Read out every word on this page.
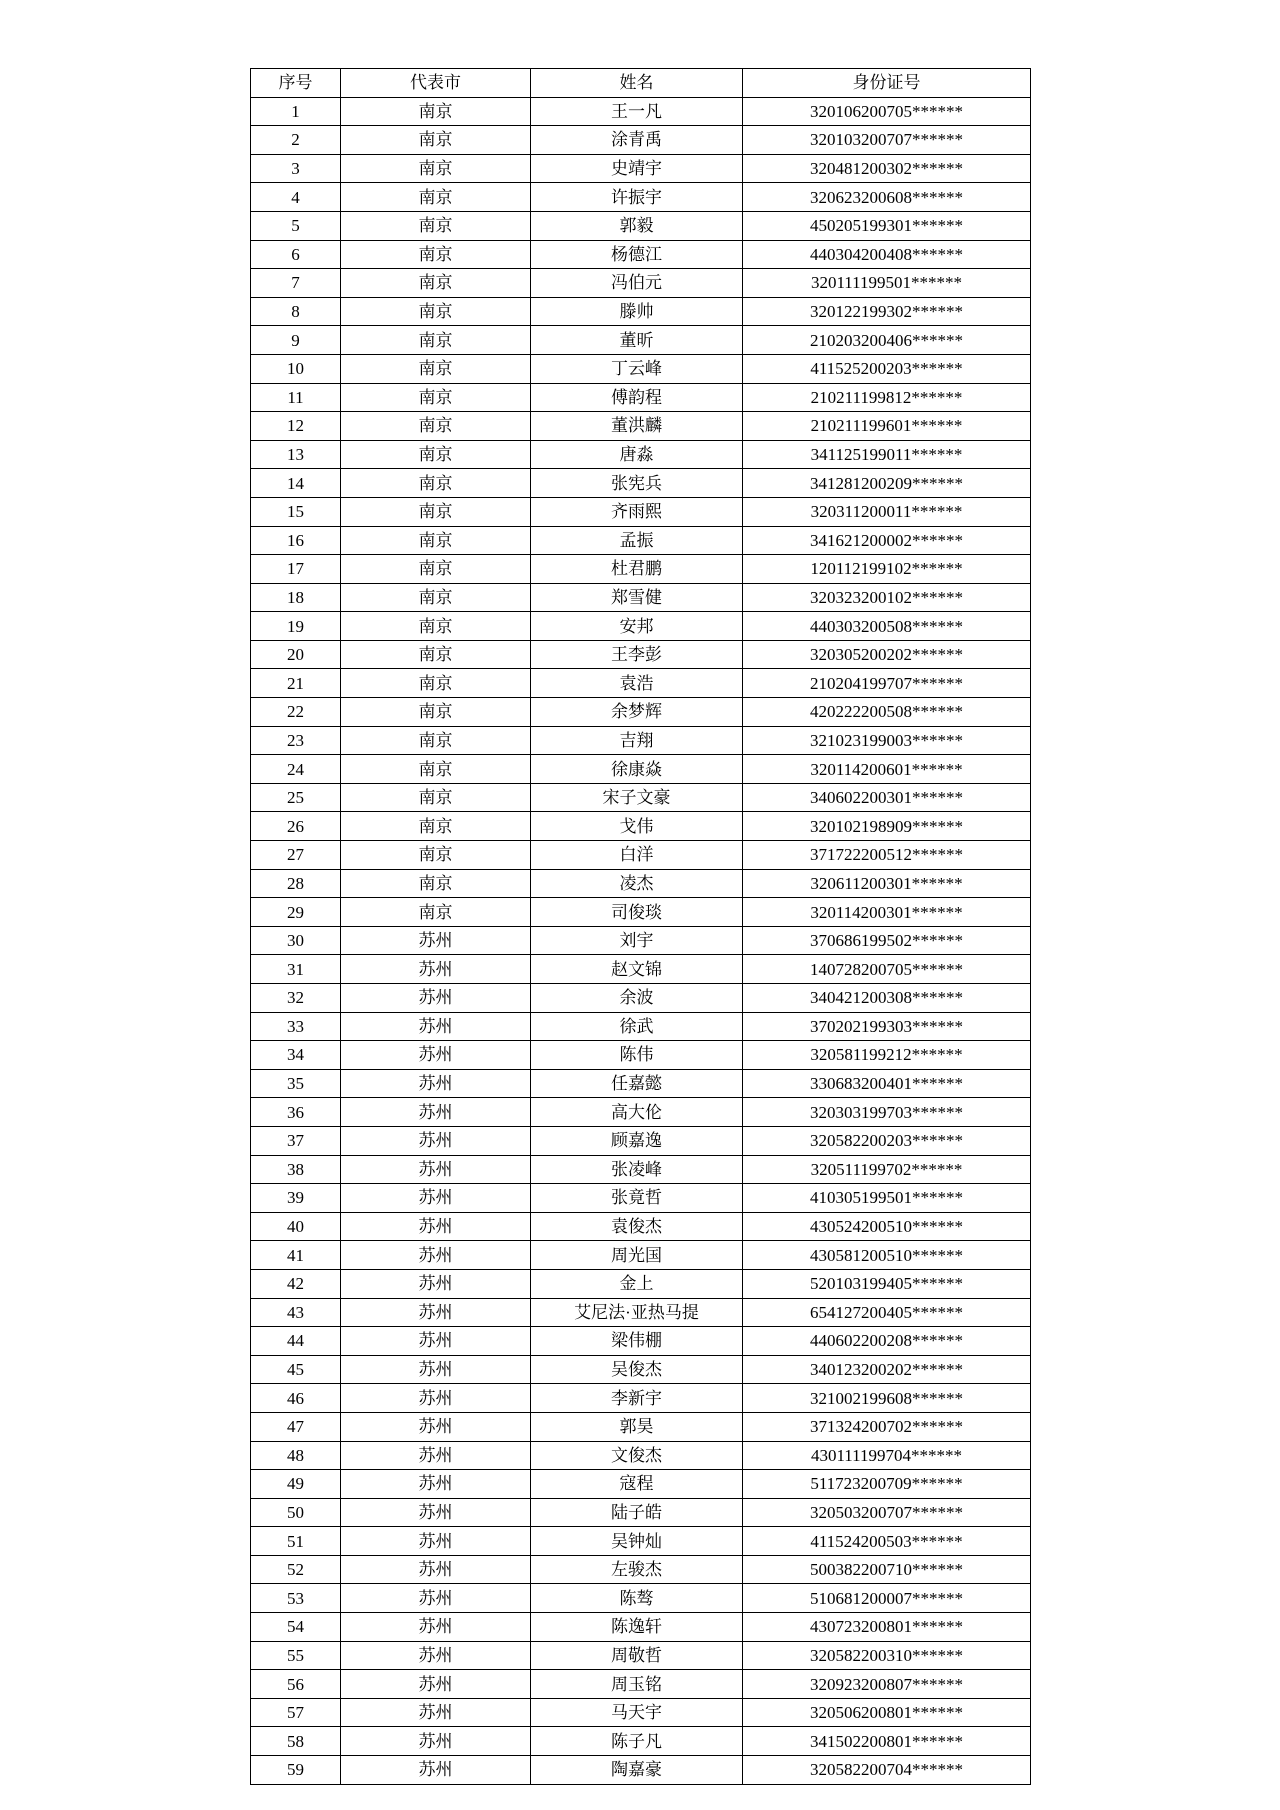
序号	代表市	姓名	身份证号
1	南京	王一凡	320106200705******
2	南京	涂青禹	320103200707******
3	南京	史靖宇	320481200302******
4	南京	许振宇	320623200608******
5	南京	郭毅	450205199301******
6	南京	杨德江	440304200408******
7	南京	冯伯元	320111199501******
8	南京	滕帅	320122199302******
9	南京	董昕	210203200406******
10	南京	丁云峰	411525200203******
11	南京	傅韵程	210211199812******
12	南京	董洪麟	210211199601******
13	南京	唐淼	341125199011******
14	南京	张宪兵	341281200209******
15	南京	齐雨熙	320311200011******
16	南京	孟振	341621200002******
17	南京	杜君鹏	120112199102******
18	南京	郑雪健	320323200102******
19	南京	安邦	440303200508******
20	南京	王李彭	320305200202******
21	南京	袁浩	210204199707******
22	南京	余梦辉	420222200508******
23	南京	吉翔	321023199003******
24	南京	徐康焱	320114200601******
25	南京	宋子文豪	340602200301******
26	南京	戈伟	320102198909******
27	南京	白洋	371722200512******
28	南京	凌杰	320611200301******
29	南京	司俊琰	320114200301******
30	苏州	刘宇	370686199502******
31	苏州	赵文锦	140728200705******
32	苏州	余波	340421200308******
33	苏州	徐武	370202199303******
34	苏州	陈伟	320581199212******
35	苏州	任嘉懿	330683200401******
36	苏州	高大伦	320303199703******
37	苏州	顾嘉逸	320582200203******
38	苏州	张凌峰	320511199702******
39	苏州	张竟哲	410305199501******
40	苏州	袁俊杰	430524200510******
41	苏州	周光国	430581200510******
42	苏州	金上	520103199405******
43	苏州	艾尼法·亚热马提	654127200405******
44	苏州	梁伟棚	440602200208******
45	苏州	吴俊杰	340123200202******
46	苏州	李新宇	321002199608******
47	苏州	郭昊	371324200702******
48	苏州	文俊杰	430111199704******
49	苏州	寇程	511723200709******
50	苏州	陆子皓	320503200707******
51	苏州	吴钟灿	411524200503******
52	苏州	左骏杰	500382200710******
53	苏州	陈骜	510681200007******
54	苏州	陈逸轩	430723200801******
55	苏州	周敬哲	320582200310******
56	苏州	周玉铭	320923200807******
57	苏州	马天宇	320506200801******
58	苏州	陈子凡	341502200801******
59	苏州	陶嘉豪	320582200704******
